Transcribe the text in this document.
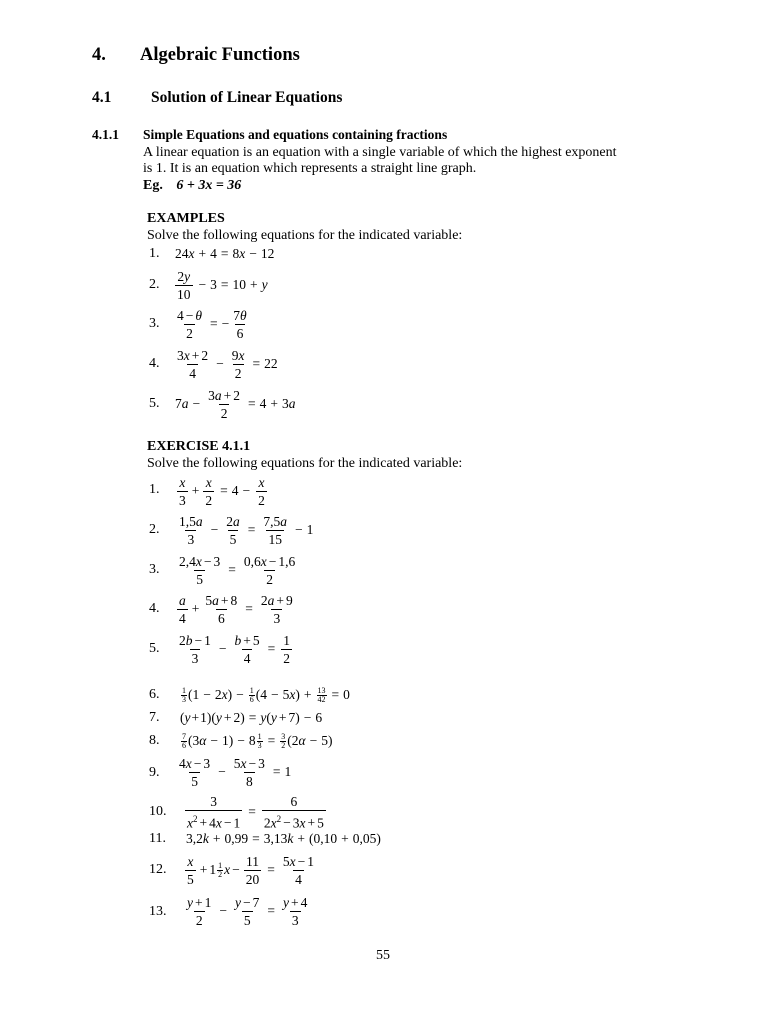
4. Algebraic Functions
4.1	Solution of Linear Equations
4.1.1 Simple Equations and equations containing fractions
A linear equation is an equation with a single variable of which the highest exponent
is 1. It is an equation which represents a straight line graph.
Eg. 6 + 3x = 36
EXAMPLES
Solve the following equations for the indicated variable:
1. 24 x + 4 = 8 x − 12
2. $\frac{2y}{10} - 3 = 10 + y$
3. $\frac{4 - \theta}{2}$ = − $\frac{7\theta}{6}$
4. $\frac{3x + 2}{4} - \frac{9x}{2} = 22$
5. 7 $a - \frac{3a + 2}{2} = 4 + 3$ a
EXERCISE 4.1.1
Solve the following equations for the indicated variable:
1. $\frac{x}{3} + \frac{x}{2} = 4 - \frac{x}{2}$
2. $\frac{1,5a}{3} - \frac{2a}{5} = \frac{7,5a}{15} - 1$
3. $\frac{2,4x - 3}{5} = \frac{0,6x - 1,6}{2}$
4. $\frac{a}{4} + \frac{5a + 8}{6} = \frac{2a + 9}{3}$
5. $\frac{2b - 1}{3} - \frac{b + 5}{4} = \frac{1}{2}$
6.	1
3 (1 − 2 x ) − $\frac{1}{6} (4 - 5$ x ) + $\frac{13}{42} = 0$
7. ( y + 1)( y + 2) = y ( y + 7) − 6
8.	7
6 (3 $\alpha - 1) - 8 \frac{1}{3} = \frac{3}{2} (2$ α − 5)
9. $\frac{4x - 3}{5} - \frac{5x - 3}{8} = 1$
10. $\frac{3}{x^2 + 4x - 1} = \frac{6}{2x^2 - 3x + 5}$
11. 3,2 k + 0,99 = 3,13 k + (0,10 + 0,05)
12. $\frac{x}{5} + 1 \frac{1}{2}$ $x - \frac{11}{20} = \frac{5x - 1}{4}$
13. $\frac{y + 1}{2} - \frac{y - 7}{5} = \frac{y + 4}{3}$
55
